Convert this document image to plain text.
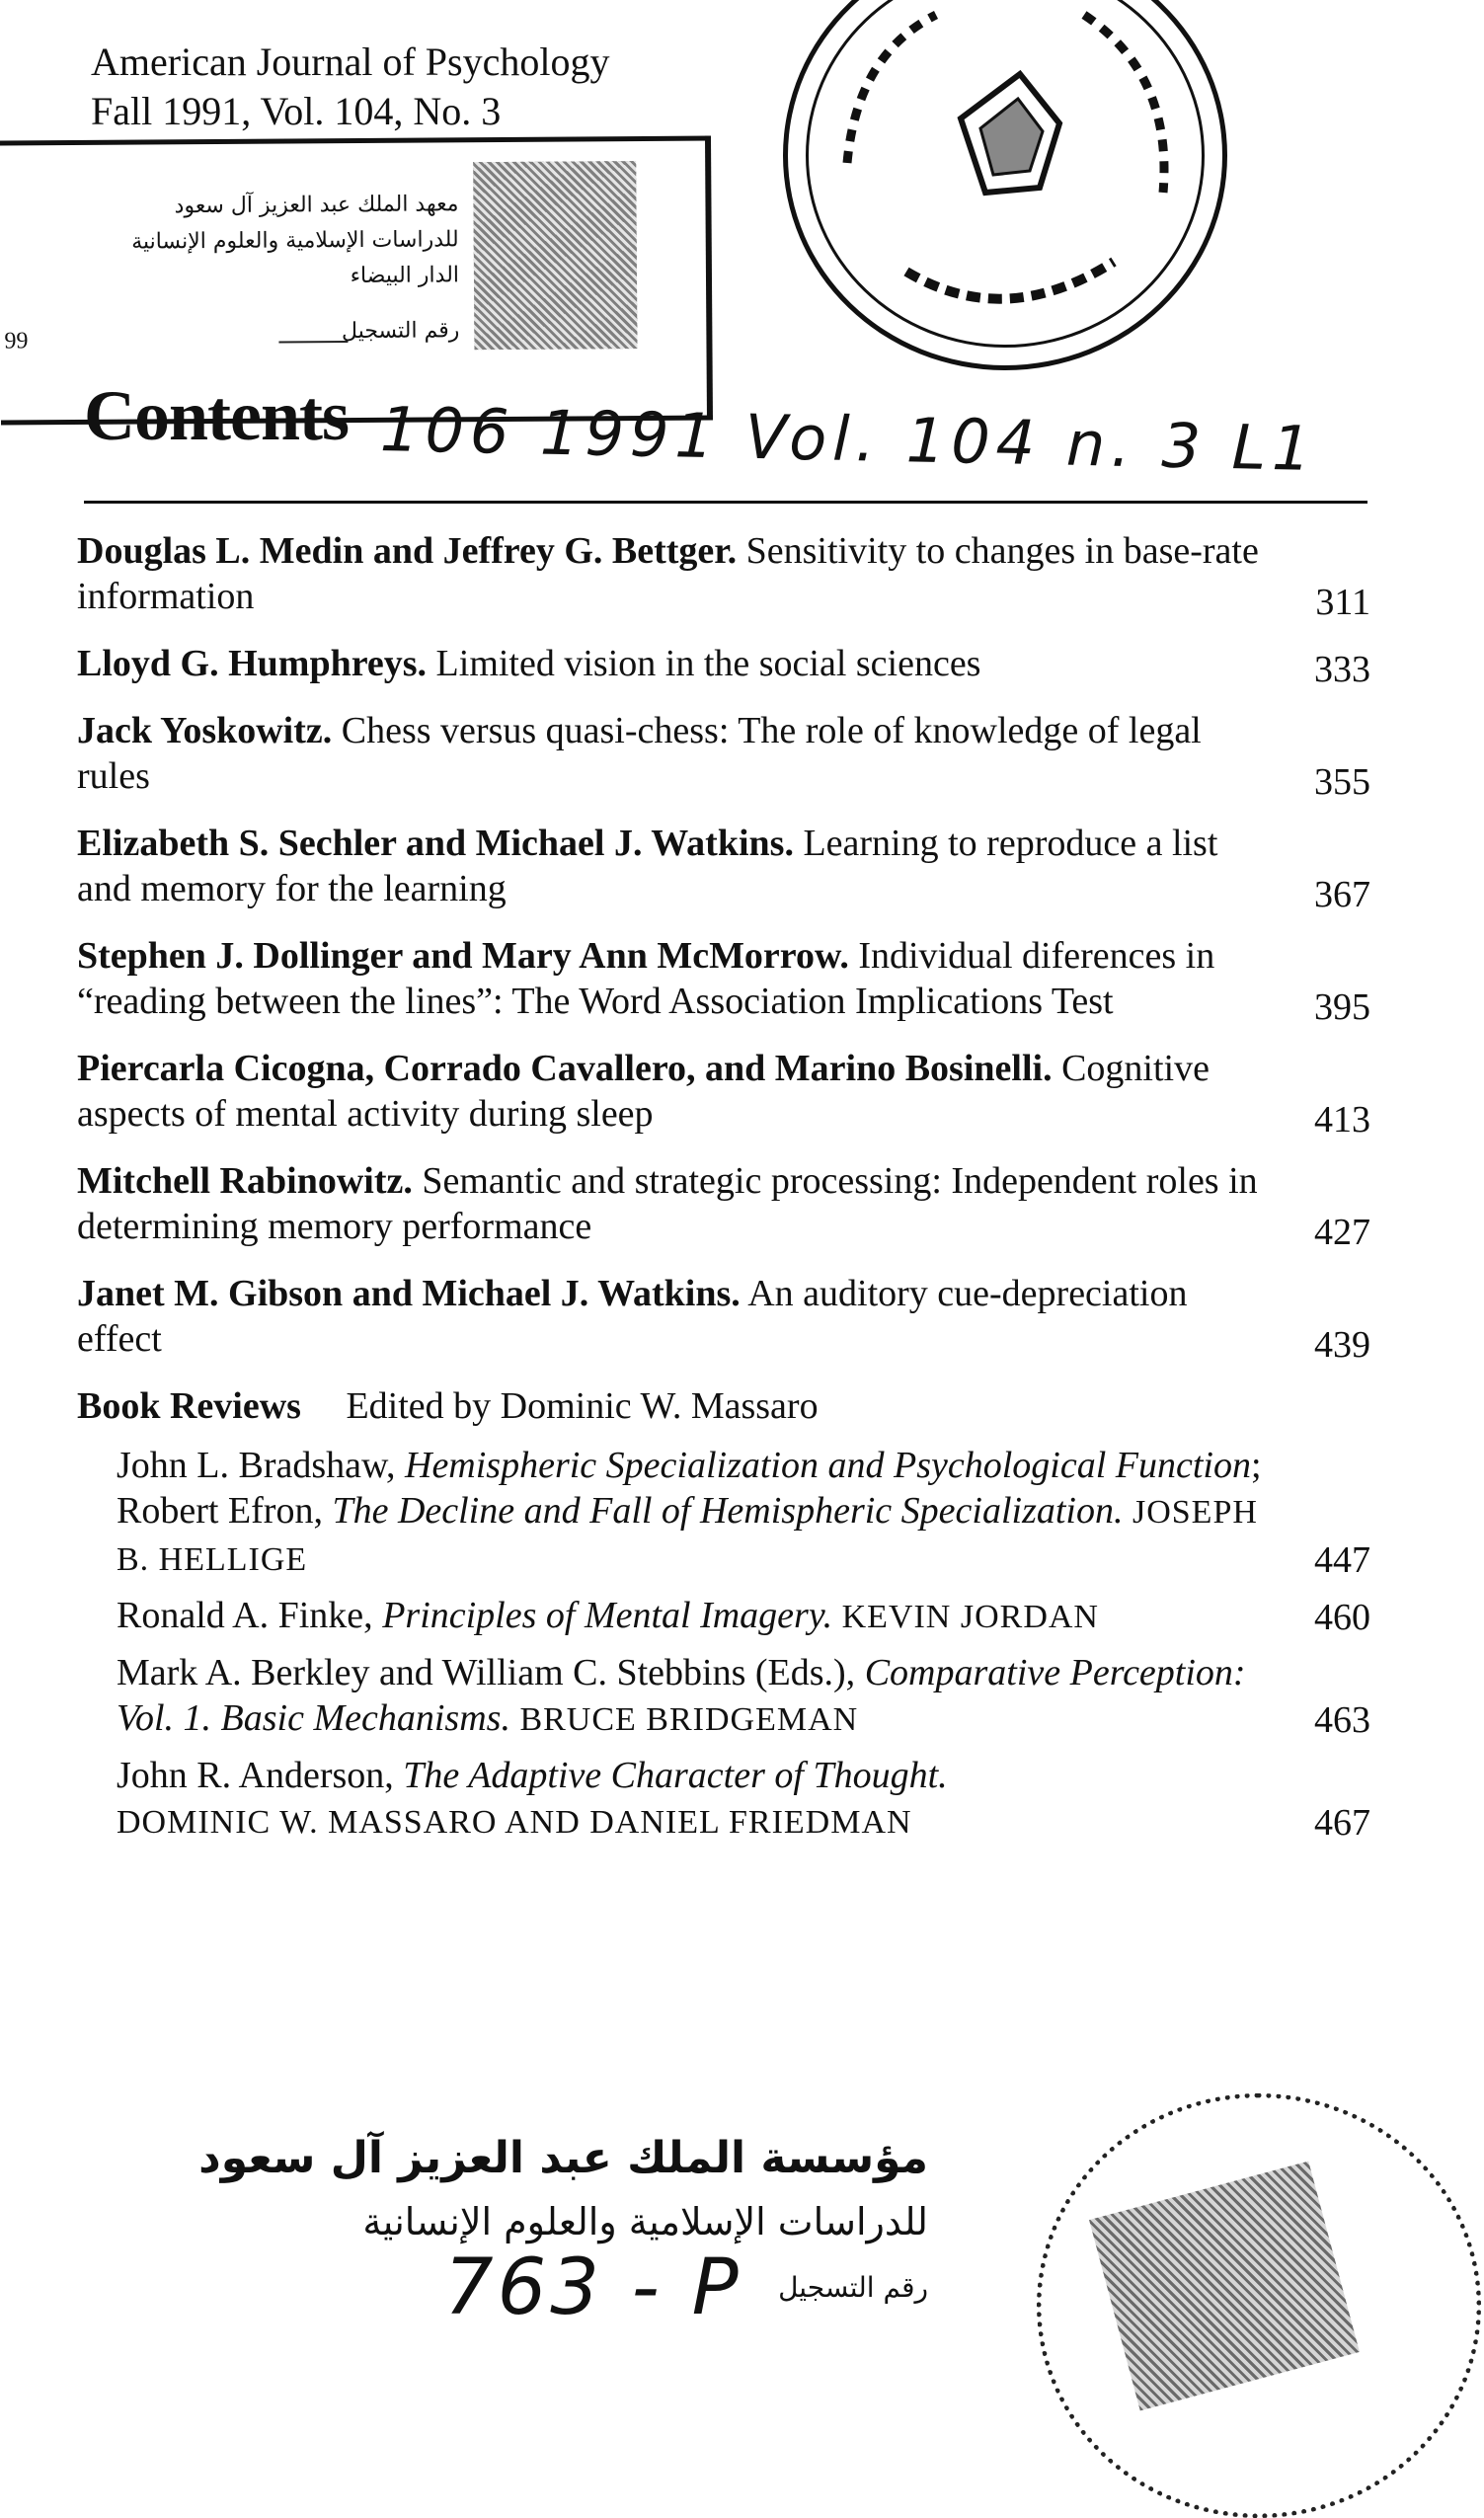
American Journal of Psychology
Fall 1991, Vol. 104, No. 3
معهد الملك عبد العزيز آل سعود
للدراسات الإسلامية والعلوم الإنسانية
الدار البيضاء
رقم التسجيل
99
Contents 106 1991 Vol. 104 n. 3 L1
Douglas L. Medin and Jeffrey G. Bettger. Sensitivity to changes in base-rate information	311
Lloyd G. Humphreys. Limited vision in the social sciences	333
Jack Yoskowitz. Chess versus quasi-chess: The role of knowledge of legal rules	355
Elizabeth S. Sechler and Michael J. Watkins. Learning to reproduce a list and memory for the learning	367
Stephen J. Dollinger and Mary Ann McMorrow. Individual diferences in “reading between the lines”: The Word Association Implications Test	395
Piercarla Cicogna, Corrado Cavallero, and Marino Bosinelli. Cognitive aspects of mental activity during sleep	413
Mitchell Rabinowitz. Semantic and strategic processing: Independent roles in determining memory performance	427
Janet M. Gibson and Michael J. Watkins. An auditory cue-depreciation effect	439
Book Reviews Edited by Dominic W. Massaro
John L. Bradshaw, Hemispheric Specialization and Psychological Function; Robert Efron, The Decline and Fall of Hemispheric Specialization. JOSEPH B. HELLIGE	447
Ronald A. Finke, Principles of Mental Imagery. KEVIN JORDAN	460
Mark A. Berkley and William C. Stebbins (Eds.), Comparative Perception: Vol. 1. Basic Mechanisms. BRUCE BRIDGEMAN	463
John R. Anderson, The Adaptive Character of Thought.
DOMINIC W. MASSARO AND DANIEL FRIEDMAN	467
مؤسسة الملك عبد العزيز آل سعود
للدراسات الإسلامية والعلوم الإنسانية
رقم التسجيل
763 - P
